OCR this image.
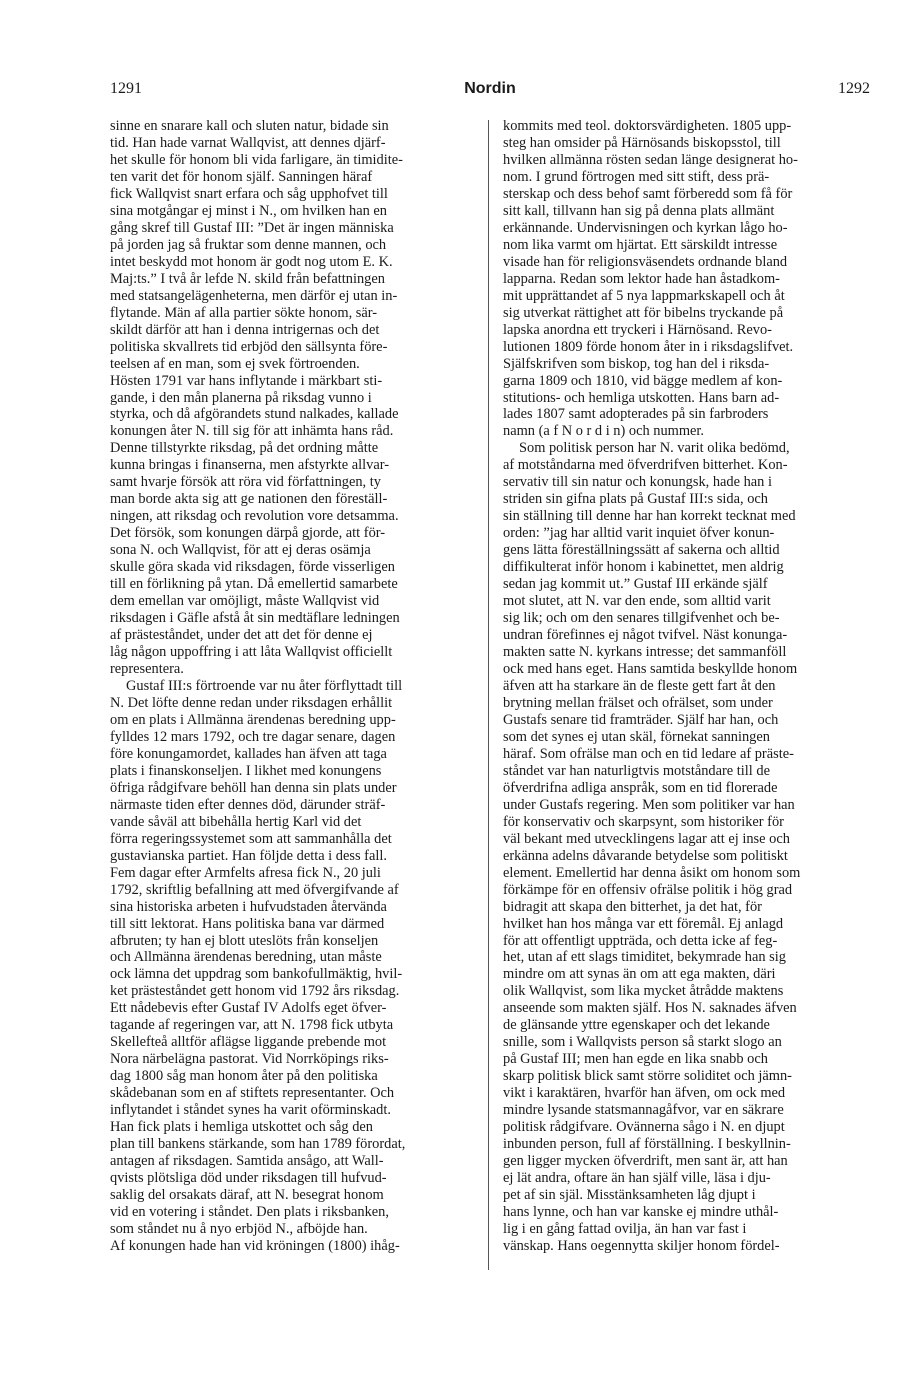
1291	Nordin	1292
sinne en snarare kall och sluten natur, bidade sin
tid. Han hade varnat Wallqvist, att dennes djärf-
het skulle för honom bli vida farligare, än timidite-
ten varit det för honom själf. Sanningen häraf
fick Wallqvist snart erfara och såg upphofvet till
sina motgångar ej minst i N., om hvilken han en
gång skref till Gustaf III: ”Det är ingen människa
på jorden jag så fruktar som denne mannen, och
intet beskydd mot honom är godt nog utom E. K.
Maj:ts.” I två år lefde N. skild från befattningen
med statsangelägenheterna, men därför ej utan in-
flytande. Män af alla partier sökte honom, sär-
skildt därför att han i denna intrigernas och det
politiska skvallrets tid erbjöd den sällsynta före-
teelsen af en man, som ej svek förtroenden.
Hösten 1791 var hans inflytande i märkbart sti-
gande, i den mån planerna på riksdag vunno i
styrka, och då afgörandets stund nalkades, kallade
konungen åter N. till sig för att inhämta hans råd.
Denne tillstyrkte riksdag, på det ordning måtte
kunna bringas i finanserna, men afstyrkte allvar-
samt hvarje försök att röra vid författningen, ty
man borde akta sig att ge nationen den föreställ-
ningen, att riksdag och revolution vore detsamma.
Det försök, som konungen därpå gjorde, att för-
sona N. och Wallqvist, för att ej deras osämja
skulle göra skada vid riksdagen, förde visserligen
till en förlikning på ytan. Då emellertid samarbete
dem emellan var omöjligt, måste Wallqvist vid
riksdagen i Gäfle afstå åt sin medtäflare ledningen
af prästeståndet, under det att det för denne ej
låg någon uppoffring i att låta Wallqvist officiellt
representera.
Gustaf III:s förtroende var nu åter förflyttadt till
N. Det löfte denne redan under riksdagen erhållit
om en plats i Allmänna ärendenas beredning upp-
fylldes 12 mars 1792, och tre dagar senare, dagen
före konungamordet, kallades han äfven att taga
plats i finanskonseljen. I likhet med konungens
öfriga rådgifvare behöll han denna sin plats under
närmaste tiden efter dennes död, därunder sträf-
vande såväl att bibehålla hertig Karl vid det
förra regeringssystemet som att sammanhålla det
gustavianska partiet. Han följde detta i dess fall.
Fem dagar efter Armfelts afresa fick N., 20 juli
1792, skriftlig befallning att med öfvergifvande af
sina historiska arbeten i hufvudstaden återvända
till sitt lektorat. Hans politiska bana var därmed
afbruten; ty han ej blott uteslöts från konseljen
och Allmänna ärendenas beredning, utan måste
ock lämna det uppdrag som bankofullmäktig, hvil-
ket prästeståndet gett honom vid 1792 års riksdag.
Ett nådebevis efter Gustaf IV Adolfs eget öfver-
tagande af regeringen var, att N. 1798 fick utbyta
Skellefteå alltför aflägse liggande prebende mot
Nora närbelägna pastorat. Vid Norrköpings riks-
dag 1800 såg man honom åter på den politiska
skådebanan som en af stiftets representanter. Och
inflytandet i ståndet synes ha varit oförminskadt.
Han fick plats i hemliga utskottet och såg den
plan till bankens stärkande, som han 1789 förordat,
antagen af riksdagen. Samtida ansågo, att Wall-
qvists plötsliga död under riksdagen till hufvud-
saklig del orsakats däraf, att N. besegrat honom
vid en votering i ståndet. Den plats i riksbanken,
som ståndet nu å nyo erbjöd N., afböjde han.
Af konungen hade han vid kröningen (1800) ihåg-
kommits med teol. doktorsvärdigheten. 1805 upp-
steg han omsider på Härnösands biskopsstol, till
hvilken allmänna rösten sedan länge designerat ho-
nom. I grund förtrogen med sitt stift, dess prä-
sterskap och dess behof samt förberedd som få för
sitt kall, tillvann han sig på denna plats allmänt
erkännande. Undervisningen och kyrkan lågo ho-
nom lika varmt om hjärtat. Ett särskildt intresse
visade han för religionsväsendets ordnande bland
lapparna. Redan som lektor hade han åstadkom-
mit upprättandet af 5 nya lappmarkskapell och åt
sig utverkat rättighet att för bibelns tryckande på
lapska anordna ett tryckeri i Härnösand. Revo-
lutionen 1809 förde honom åter in i riksdagslifvet.
Själfskrifven som biskop, tog han del i riksda-
garna 1809 och 1810, vid bägge medlem af kon-
stitutions- och hemliga utskotten. Hans barn ad-
lades 1807 samt adopterades på sin farbroders
namn (a f N o r d i n) och nummer.
Som politisk person har N. varit olika bedömd,
af motståndarna med öfverdrifven bitterhet. Kon-
servativ till sin natur och konungsk, hade han i
striden sin gifna plats på Gustaf III:s sida, och
sin ställning till denne har han korrekt tecknat med
orden: ”jag har alltid varit inquiet öfver konun-
gens lätta föreställningssätt af sakerna och alltid
diffikulterat inför honom i kabinettet, men aldrig
sedan jag kommit ut.” Gustaf III erkände själf
mot slutet, att N. var den ende, som alltid varit
sig lik; och om den senares tillgifvenhet och be-
undran förefinnes ej något tvifvel. Näst konunga-
makten satte N. kyrkans intresse; det sammanföll
ock med hans eget. Hans samtida beskyllde honom
äfven att ha starkare än de fleste gett fart åt den
brytning mellan frälset och ofrälset, som under
Gustafs senare tid framträder. Själf har han, och
som det synes ej utan skäl, förnekat sanningen
häraf. Som ofrälse man och en tid ledare af präste-
ståndet var han naturligtvis motståndare till de
öfverdrifna adliga anspråk, som en tid florerade
under Gustafs regering. Men som politiker var han
för konservativ och skarpsynt, som historiker för
väl bekant med utvecklingens lagar att ej inse och
erkänna adelns dåvarande betydelse som politiskt
element. Emellertid har denna åsikt om honom som
förkämpe för en offensiv ofrälse politik i hög grad
bidragit att skapa den bitterhet, ja det hat, för
hvilket han hos många var ett föremål. Ej anlagd
för att offentligt uppträda, och detta icke af feg-
het, utan af ett slags timiditet, bekymrade han sig
mindre om att synas än om att ega makten, däri
olik Wallqvist, som lika mycket åtrådde maktens
anseende som makten själf. Hos N. saknades äfven
de glänsande yttre egenskaper och det lekande
snille, som i Wallqvists person så starkt slogo an
på Gustaf III; men han egde en lika snabb och
skarp politisk blick samt större soliditet och jämn-
vikt i karaktären, hvarför han äfven, om ock med
mindre lysande statsmannagåfvor, var en säkrare
politisk rådgifvare. Ovännerna sågo i N. en djupt
inbunden person, full af förställning. I beskyllnin-
gen ligger mycken öfverdrift, men sant är, att han
ej lät andra, oftare än han själf ville, läsa i dju-
pet af sin själ. Misstänksamheten låg djupt i
hans lynne, och han var kanske ej mindre uthål-
lig i en gång fattad ovilja, än han var fast i
vänskap. Hans oegennytta skiljer honom fördel-
